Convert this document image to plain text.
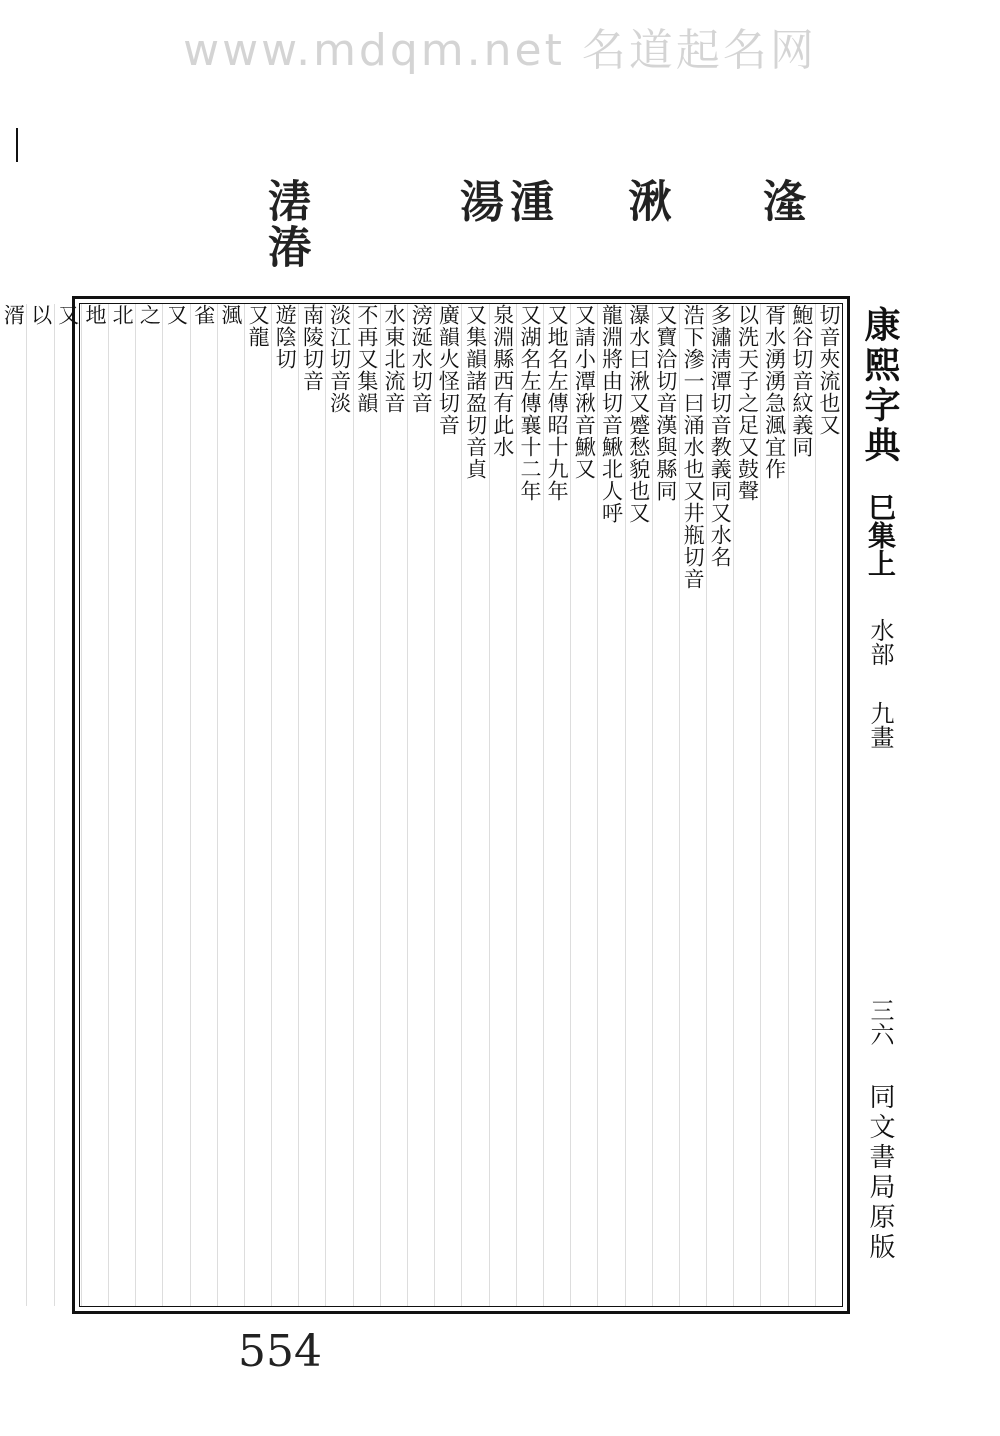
www.mdqm.net 名道起名网
湰
湫
湯湩
湱湷
切音夾流也又
鮑谷切音紋義同
胥水湧湧急渢宜作
以洗天子之足又鼓聲
多潚淸潭切音教義同又水名
浩下滲一曰涌水也又井瓶切音
又寶洽切音漢與縣同
瀑水曰湫又蹙愁貌也又
龍淵將由切音鰍北人呼
又請小潭湫音鰍又
又地名左傳昭十九年
又湖名左傳襄十二年
泉淵縣西有此水
又集韻諸盈切音貞
廣韻火怪切音
滂涎水切音
水東北流音
不再又集韻
淡江切音淡
南陵切音
遊陰切
又龍
渢
雀
又
之
北
地
又
以
湑	康熙字典 巳集上 水部 九畫 三六 同文書局原版
554
